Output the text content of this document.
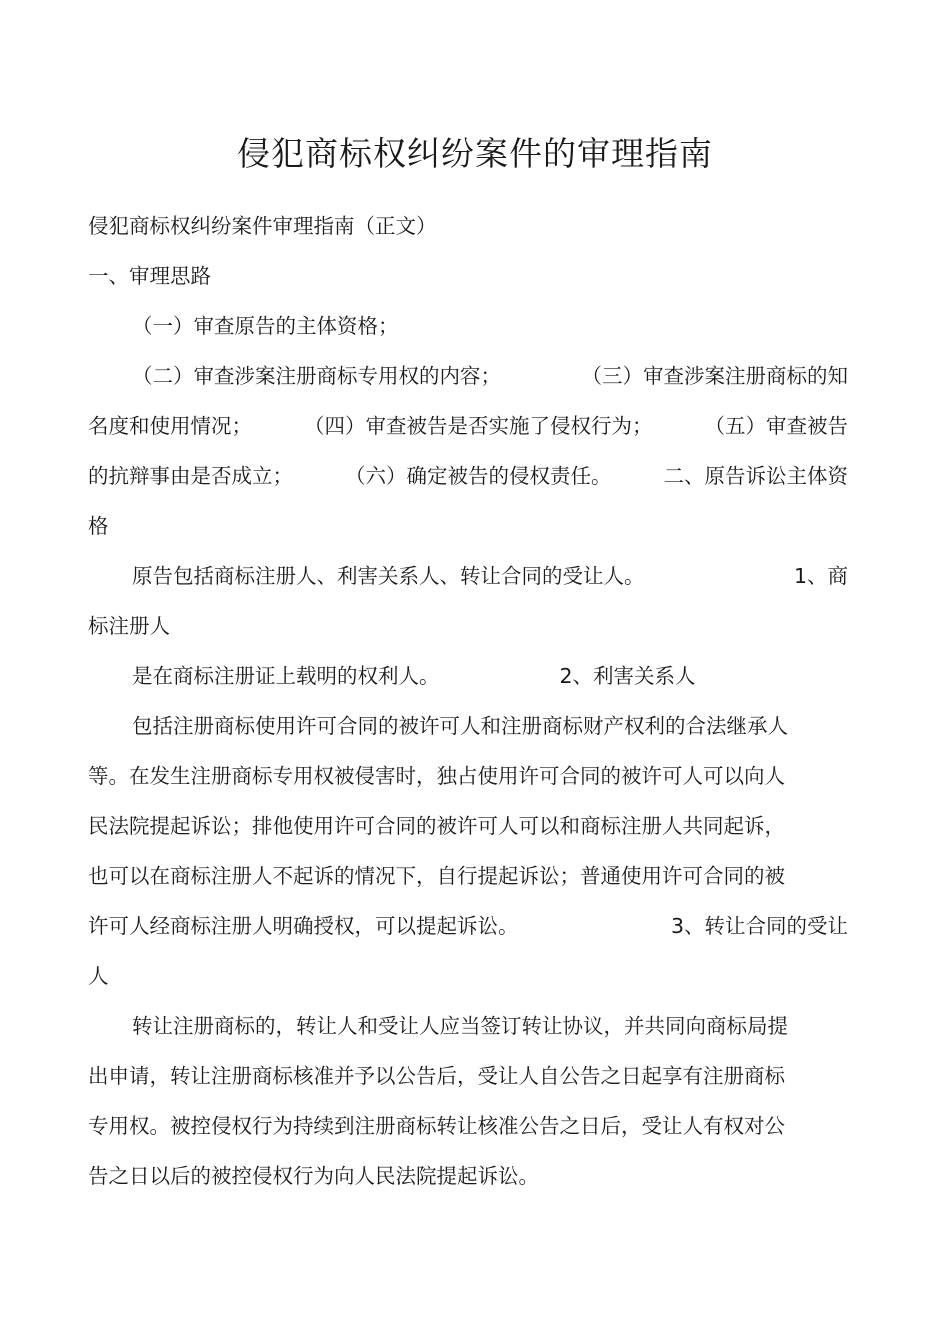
侵犯商标权纠纷案件的审理指南
侵犯商标权纠纷案件审理指南（正文）
一、审理思路
（一）审查原告的主体资格；
（二）审查涉案注册商标专用权的内容；	（三）审查涉案注册商标的知
名度和使用情况；	（四）审查被告是否实施了侵权行为；	（五）审查被告
的抗辩事由是否成立；	（六）确定被告的侵权责任。	二、原告诉讼主体资
格
原告包括商标注册人、利害关系人、转让合同的受让人。	1、商
标注册人
是在商标注册证上载明的权利人。	2、利害关系人
包括注册商标使用许可合同的被许可人和注册商标财产权利的合法继承人
等。在发生注册商标专用权被侵害时，独占使用许可合同的被许可人可以向人
民法院提起诉讼；排他使用许可合同的被许可人可以和商标注册人共同起诉，
也可以在商标注册人不起诉的情况下，自行提起诉讼；普通使用许可合同的被
许可人经商标注册人明确授权，可以提起诉讼。	3、转让合同的受让
人
转让注册商标的，转让人和受让人应当签订转让协议，并共同向商标局提
出申请，转让注册商标核准并予以公告后，受让人自公告之日起享有注册商标
专用权。被控侵权行为持续到注册商标转让核准公告之日后，受让人有权对公
告之日以后的被控侵权行为向人民法院提起诉讼。
